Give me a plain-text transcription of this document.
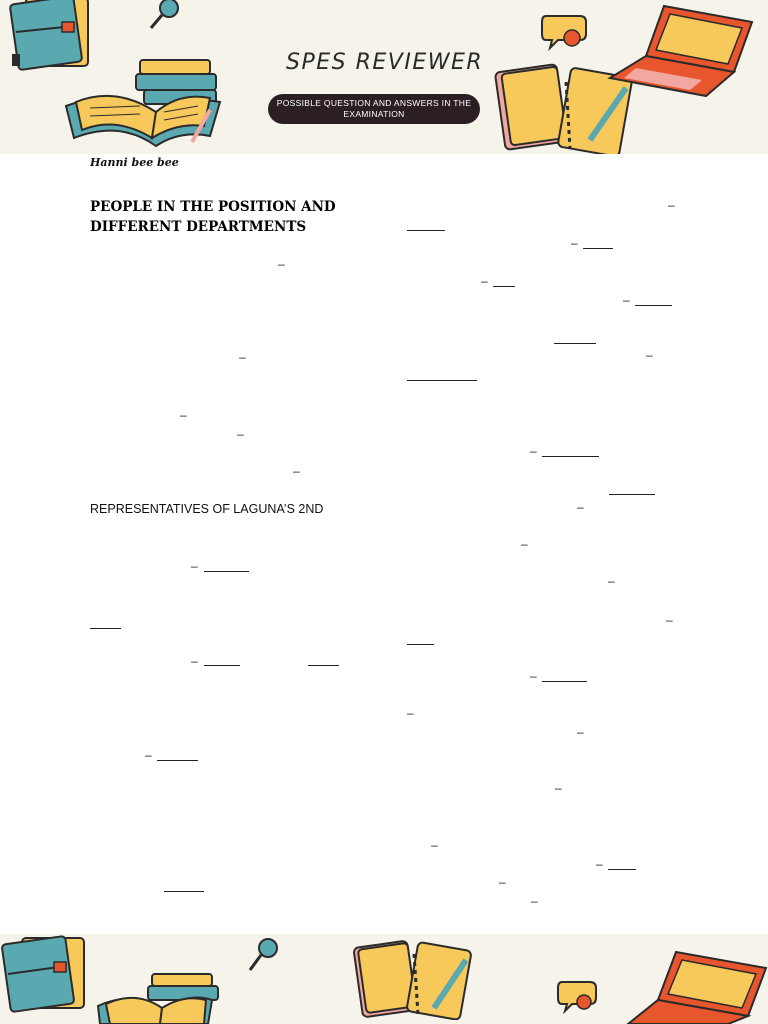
SPES REVIEWER
POSSIBLE QUESTION AND ANSWERS IN THE EXAMINATION
Hanni bee bee
PEOPLE IN THE POSITION AND DIFFERENT DEPARTMENTS
REPRESENTATIVES OF LAGUNA’S 2ND
–
–
–
–
–
–
–
–
–
–
–
–
–
–
–
–
–
–
–
–
–
–
–
–
–
–
